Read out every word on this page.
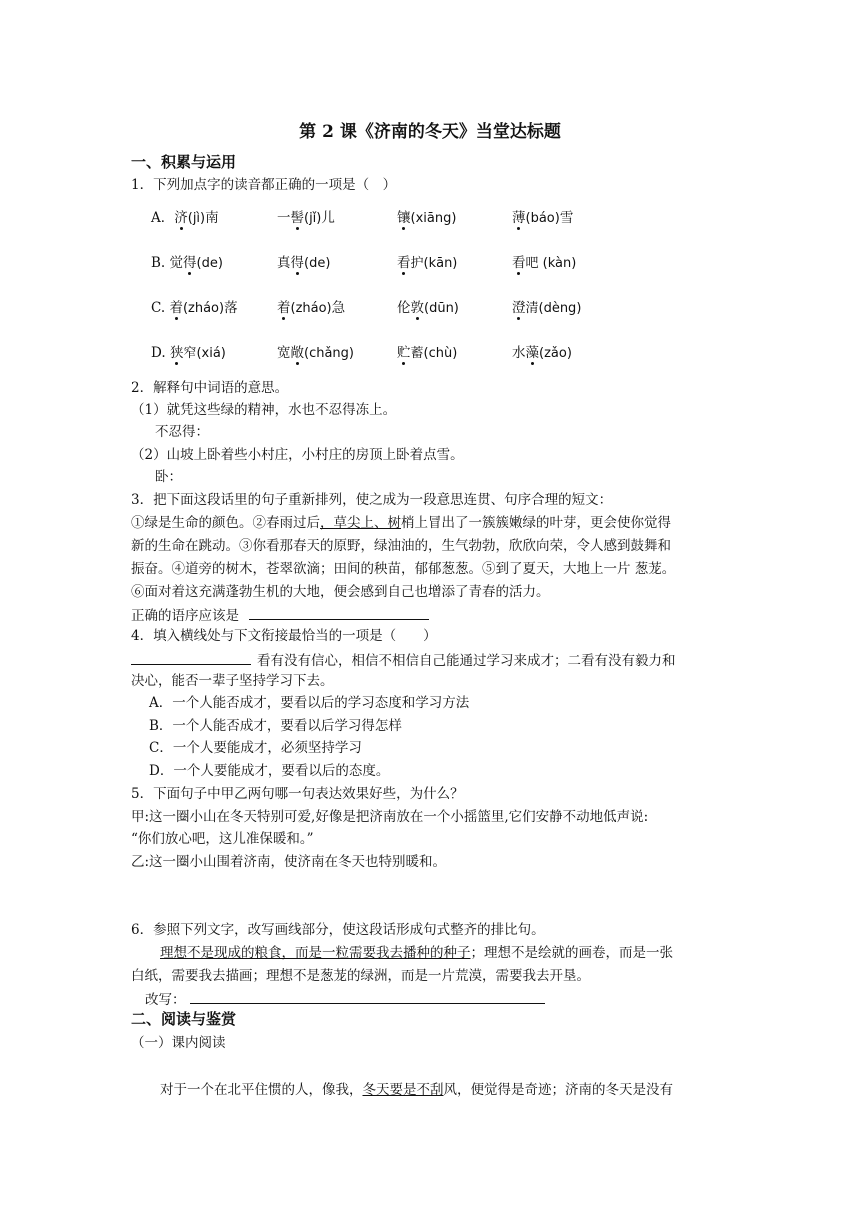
第 2 课《济南的冬天》当堂达标题
一、积累与运用
1．下列加点字的读音都正确的一项是（　）
A．济(jì)南	一髻(jǐ)儿	镶(xiāng)	薄(báo)雪
B. 觉得(de)	真得(de)	看护(kān)	看吧 (kàn)
C. 着(zháo)落	着(zháo)急	伦敦(dūn)	澄清(dèng)
D. 狭窄(xiá)	宽敞(chǎng)	贮蓄(chù)	水藻(zǎo)
2．解释句中词语的意思。
（1）就凭这些绿的精神，水也不忍得冻上。
不忍得：
（2）山坡上卧着些小村庄，小村庄的房顶上卧着点雪。
卧：
3．把下面这段话里的句子重新排列，使之成为一段意思连贯、句序合理的短文：
①绿是生命的颜色。②春雨过后，草尖上、树梢上冒出了一簇簇嫩绿的叶芽，更会使你觉得
新的生命在跳动。③你看那春天的原野，绿油油的，生气勃勃，欣欣向荣，令人感到鼓舞和
振奋。④道旁的树木，苍翠欲滴；田间的秧苗，郁郁葱葱。⑤到了夏天，大地上一片 葱茏。
⑥面对着这充满蓬勃生机的大地，便会感到自己也增添了青春的活力。
正确的语序应该是
4．填入横线处与下文衔接最恰当的一项是（　　）
看有没有信心，相信不相信自己能通过学习来成才；二看有没有毅力和
决心，能否一辈子坚持学习下去。
A．一个人能否成才，要看以后的学习态度和学习方法
B．一个人能否成才，要看以后学习得怎样
C．一个人要能成才，必须坚持学习
D．一个人要能成才，要看以后的态度。
5．下面句子中甲乙两句哪一句表达效果好些，为什么？
甲:这一圈小山在冬天特别可爱,好像是把济南放在一个小摇篮里,它们安静不动地低声说:
“你们放心吧，这儿准保暖和。”
乙:这一圈小山围着济南，使济南在冬天也特别暖和。
6．参照下列文字，改写画线部分，使这段话形成句式整齐的排比句。
理想不是现成的粮食，而是一粒需要我去播种的种子；理想不是绘就的画卷，而是一张
白纸，需要我去描画；理想不是葱茏的绿洲，而是一片荒漠，需要我去开垦。
改写：
二、阅读与鉴赏
（一）课内阅读
对于一个在北平住惯的人，像我，冬天要是不刮风，便觉得是奇迹；济南的冬天是没有
